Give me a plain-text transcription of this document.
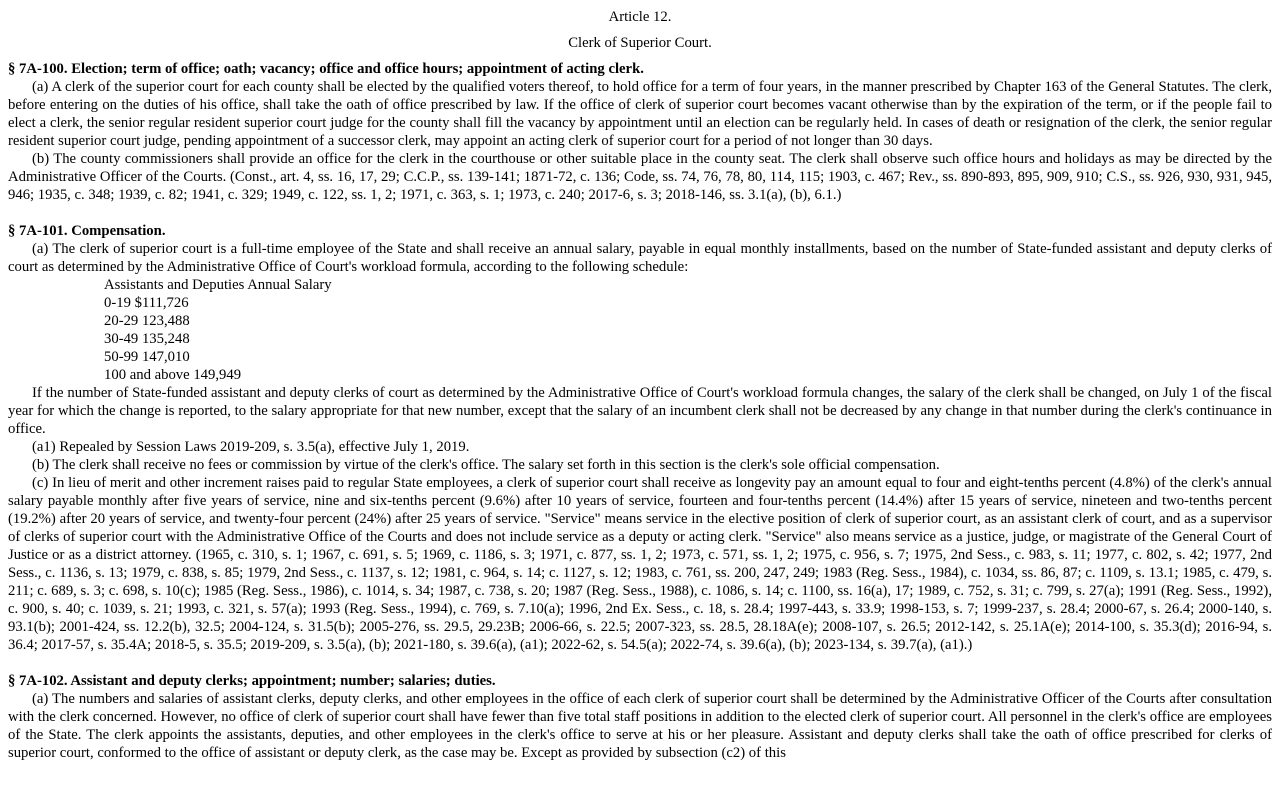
Article 12.

Clerk of Superior Court.

§ 7A-100. Election; term of office; oath; vacancy; office and office hours; appointment of acting clerk.

(a) A clerk of the superior court for each county shall be elected by the qualified voters thereof, to hold office for a term of four years, in the manner prescribed by Chapter 163 of the General Statutes. The clerk, before entering on the duties of his office, shall take the oath of office prescribed by law. If the office of clerk of superior court becomes vacant otherwise than by the expiration of the term, or if the people fail to elect a clerk, the senior regular resident superior court judge for the county shall fill the vacancy by appointment until an election can be regularly held. In cases of death or resignation of the clerk, the senior regular resident superior court judge, pending appointment of a successor clerk, may appoint an acting clerk of superior court for a period of not longer than 30 days.

(b) The county commissioners shall provide an office for the clerk in the courthouse or other suitable place in the county seat. The clerk shall observe such office hours and holidays as may be directed by the Administrative Officer of the Courts. (Const., art. 4, ss. 16, 17, 29; C.C.P., ss. 139-141; 1871-72, c. 136; Code, ss. 74, 76, 78, 80, 114, 115; 1903, c. 467; Rev., ss. 890-893, 895, 909, 910; C.S., ss. 926, 930, 931, 945, 946; 1935, c. 348; 1939, c. 82; 1941, c. 329; 1949, c. 122, ss. 1, 2; 1971, c. 363, s. 1; 1973, c. 240; 2017-6, s. 3; 2018-146, ss. 3.1(a), (b), 6.1.)

§ 7A-101. Compensation.

(a) The clerk of superior court is a full-time employee of the State and shall receive an annual salary, payable in equal monthly installments, based on the number of State-funded assistant and deputy clerks of court as determined by the Administrative Office of Court's workload formula, according to the following schedule:

Assistants and Deputies Annual Salary
0-19 $111,726
20-29 123,488
30-49 135,248
50-99 147,010
100 and above 149,949

If the number of State-funded assistant and deputy clerks of court as determined by the Administrative Office of Court's workload formula changes, the salary of the clerk shall be changed, on July 1 of the fiscal year for which the change is reported, to the salary appropriate for that new number, except that the salary of an incumbent clerk shall not be decreased by any change in that number during the clerk's continuance in office.

(a1) Repealed by Session Laws 2019-209, s. 3.5(a), effective July 1, 2019.

(b) The clerk shall receive no fees or commission by virtue of the clerk's office. The salary set forth in this section is the clerk's sole official compensation.

(c) In lieu of merit and other increment raises paid to regular State employees, a clerk of superior court shall receive as longevity pay an amount equal to four and eight-tenths percent (4.8%) of the clerk's annual salary payable monthly after five years of service, nine and six-tenths percent (9.6%) after 10 years of service, fourteen and four-tenths percent (14.4%) after 15 years of service, nineteen and two-tenths percent (19.2%) after 20 years of service, and twenty-four percent (24%) after 25 years of service. "Service" means service in the elective position of clerk of superior court, as an assistant clerk of court, and as a supervisor of clerks of superior court with the Administrative Office of the Courts and does not include service as a deputy or acting clerk. "Service" also means service as a justice, judge, or magistrate of the General Court of Justice or as a district attorney. (1965, c. 310, s. 1; 1967, c. 691, s. 5; 1969, c. 1186, s. 3; 1971, c. 877, ss. 1, 2; 1973, c. 571, ss. 1, 2; 1975, c. 956, s. 7; 1975, 2nd Sess., c. 983, s. 11; 1977, c. 802, s. 42; 1977, 2nd Sess., c. 1136, s. 13; 1979, c. 838, s. 85; 1979, 2nd Sess., c. 1137, s. 12; 1981, c. 964, s. 14; c. 1127, s. 12; 1983, c. 761, ss. 200, 247, 249; 1983 (Reg. Sess., 1984), c. 1034, ss. 86, 87; c. 1109, s. 13.1; 1985, c. 479, s. 211; c. 689, s. 3; c. 698, s. 10(c); 1985 (Reg. Sess., 1986), c. 1014, s. 34; 1987, c. 738, s. 20; 1987 (Reg. Sess., 1988), c. 1086, s. 14; c. 1100, ss. 16(a), 17; 1989, c. 752, s. 31; c. 799, s. 27(a); 1991 (Reg. Sess., 1992), c. 900, s. 40; c. 1039, s. 21; 1993, c. 321, s. 57(a); 1993 (Reg. Sess., 1994), c. 769, s. 7.10(a); 1996, 2nd Ex. Sess., c. 18, s. 28.4; 1997-443, s. 33.9; 1998-153, s. 7; 1999-237, s. 28.4; 2000-67, s. 26.4; 2000-140, s. 93.1(b); 2001-424, ss. 12.2(b), 32.5; 2004-124, s. 31.5(b); 2005-276, ss. 29.5, 29.23B; 2006-66, s. 22.5; 2007-323, ss. 28.5, 28.18A(e); 2008-107, s. 26.5; 2012-142, s. 25.1A(e); 2014-100, s. 35.3(d); 2016-94, s. 36.4; 2017-57, s. 35.4A; 2018-5, s. 35.5; 2019-209, s. 3.5(a), (b); 2021-180, s. 39.6(a), (a1); 2022-62, s. 54.5(a); 2022-74, s. 39.6(a), (b); 2023-134, s. 39.7(a), (a1).)

§ 7A-102. Assistant and deputy clerks; appointment; number; salaries; duties.

(a) The numbers and salaries of assistant clerks, deputy clerks, and other employees in the office of each clerk of superior court shall be determined by the Administrative Officer of the Courts after consultation with the clerk concerned. However, no office of clerk of superior court shall have fewer than five total staff positions in addition to the elected clerk of superior court. All personnel in the clerk's office are employees of the State. The clerk appoints the assistants, deputies, and other employees in the clerk's office to serve at his or her pleasure. Assistant and deputy clerks shall take the oath of office prescribed for clerks of superior court, conformed to the office of assistant or deputy clerk, as the case may be. Except as provided by subsection (c2) of this
